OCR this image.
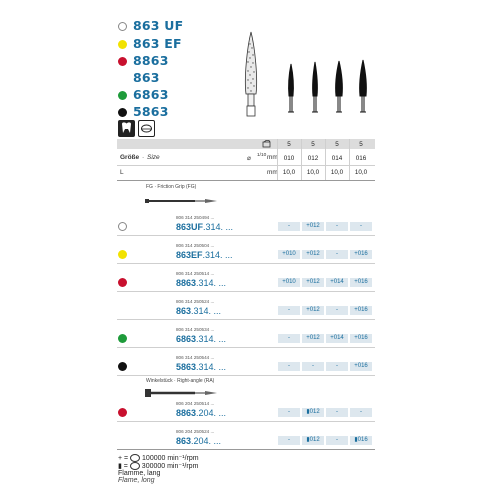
863 UF
863 EF
8863
863
6863
5863
5	5	5	5
Größe · Size	⌀ 1/10 mm 010	012	014	016
L	mm 10,0	10,0	10,0	10,0
FG · Friction Grip (FG)
806 314 250494 ...
863UF.314. ...	-	+012	-	-
806 314 250504 ...
863EF.314. ...	+010	+012	-	+016
806 314 250514 ...
8863.314. ...	+010	+012	+014	+016
806 314 250524 ...
863.314. ...	-	+012	-	+016
806 314 250534 ...
6863.314. ...	-	+012	+014	+016
806 314 250544 ...
5863.314. ...	-	-	-	+016
Winkelstück · Right-angle (RA)
806 204 250514 ...
8863.204. ...	-	▮012	-	-
806 204 250524 ...
863.204. ...	-	▮012	-	▮016
+ = 100000 min⁻¹/rpm
▮ = 300000 min⁻¹/rpm
Flamme, lang
Flame, long
